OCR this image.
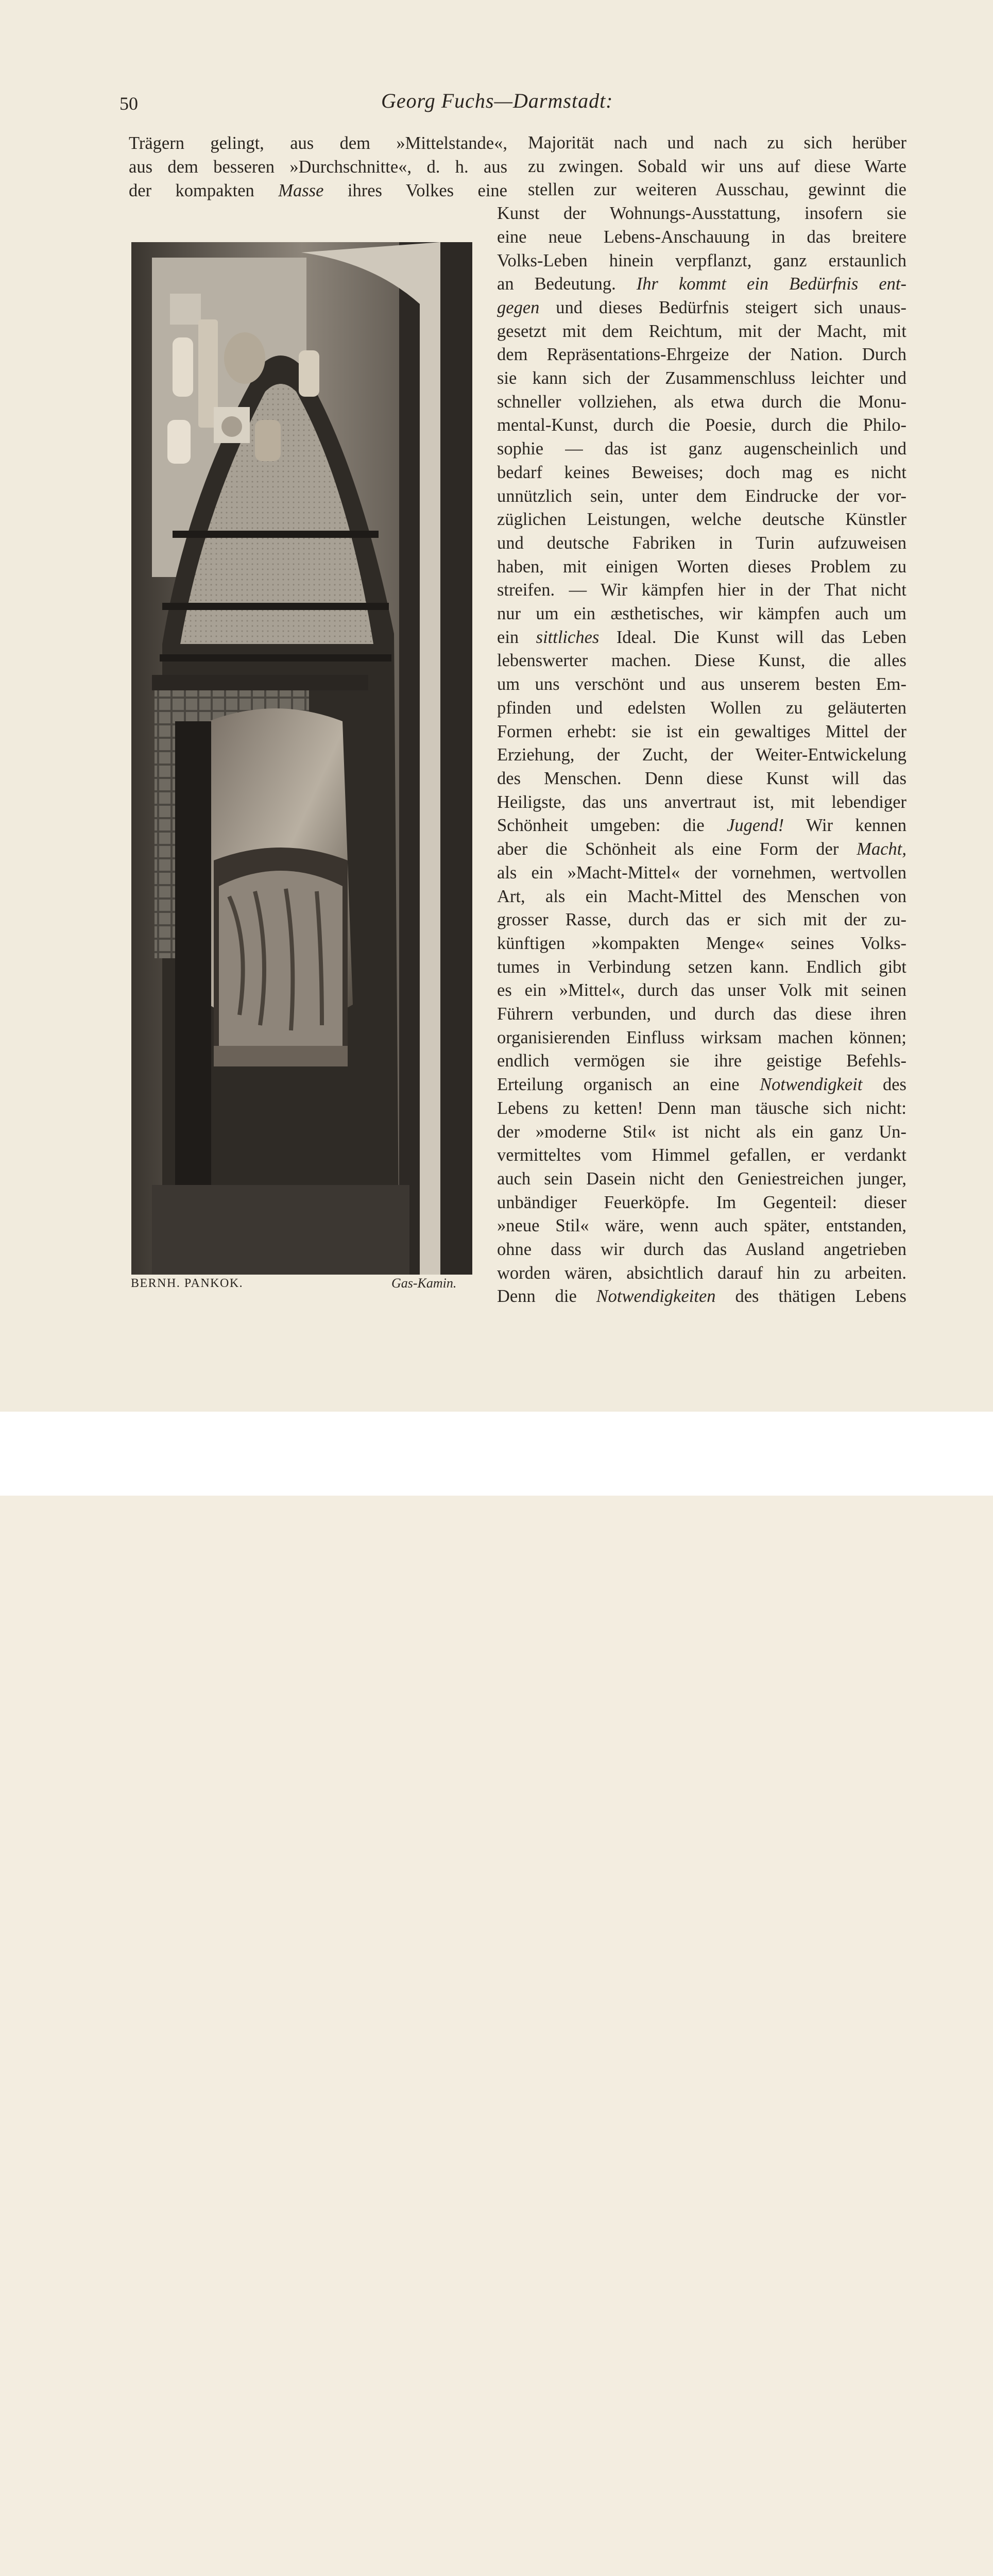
50	Georg Fuchs—Darmstadt:
Trägern gelingt, aus dem »Mittelstande«,
aus dem besseren »Durchschnitte«, d. h. aus
der kompakten Masse ihres Volkes eine
Majorität nach und nach zu sich herüber
zu zwingen. Sobald wir uns auf diese Warte
stellen zur weiteren Ausschau, gewinnt die
Kunst der Wohnungs-Ausstattung, insofern sie
eine neue Lebens-Anschauung in das breitere
Volks-Leben hinein verpflanzt, ganz erstaunlich
an Bedeutung. Ihr kommt ein Bedürfnis ent-
gegen und dieses Bedürfnis steigert sich unaus-
gesetzt mit dem Reichtum, mit der Macht, mit
dem Repräsentations-Ehrgeize der Nation. Durch
sie kann sich der Zusammenschluss leichter und
schneller vollziehen, als etwa durch die Monu-
mental-Kunst, durch die Poesie, durch die Philo-
sophie — das ist ganz augenscheinlich und
bedarf keines Beweises; doch mag es nicht
unnützlich sein, unter dem Eindrucke der vor-
züglichen Leistungen, welche deutsche Künstler
und deutsche Fabriken in Turin aufzuweisen
haben, mit einigen Worten dieses Problem zu
streifen. — Wir kämpfen hier in der That nicht
nur um ein æsthetisches, wir kämpfen auch um
ein sittliches Ideal. Die Kunst will das Leben
lebenswerter machen. Diese Kunst, die alles
um uns verschönt und aus unserem besten Em-
pfinden und edelsten Wollen zu geläuterten
Formen erhebt: sie ist ein gewaltiges Mittel der
Erziehung, der Zucht, der Weiter-Entwickelung
des Menschen. Denn diese Kunst will das
Heiligste, das uns anvertraut ist, mit lebendiger
Schönheit umgeben: die Jugend! Wir kennen
aber die Schönheit als eine Form der Macht,
als ein »Macht-Mittel« der vornehmen, wertvollen
Art, als ein Macht-Mittel des Menschen von
grosser Rasse, durch das er sich mit der zu-
künftigen »kompakten Menge« seines Volks-
tumes in Verbindung setzen kann. Endlich gibt
es ein »Mittel«, durch das unser Volk mit seinen
Führern verbunden, und durch das diese ihren
organisierenden Einfluss wirksam machen können;
endlich vermögen sie ihre geistige Befehls-
Erteilung organisch an eine Notwendigkeit des
Lebens zu ketten! Denn man täusche sich nicht:
der »moderne Stil« ist nicht als ein ganz Un-
vermitteltes vom Himmel gefallen, er verdankt
auch sein Dasein nicht den Geniestreichen junger,
unbändiger Feuerköpfe. Im Gegenteil: dieser
»neue Stil« wäre, wenn auch später, entstanden,
ohne dass wir durch das Ausland angetrieben
worden wären, absichtlich darauf hin zu arbeiten.
Denn die Notwendigkeiten des thätigen Lebens
BERNH. PANKOK.	Gas-Kamin.
